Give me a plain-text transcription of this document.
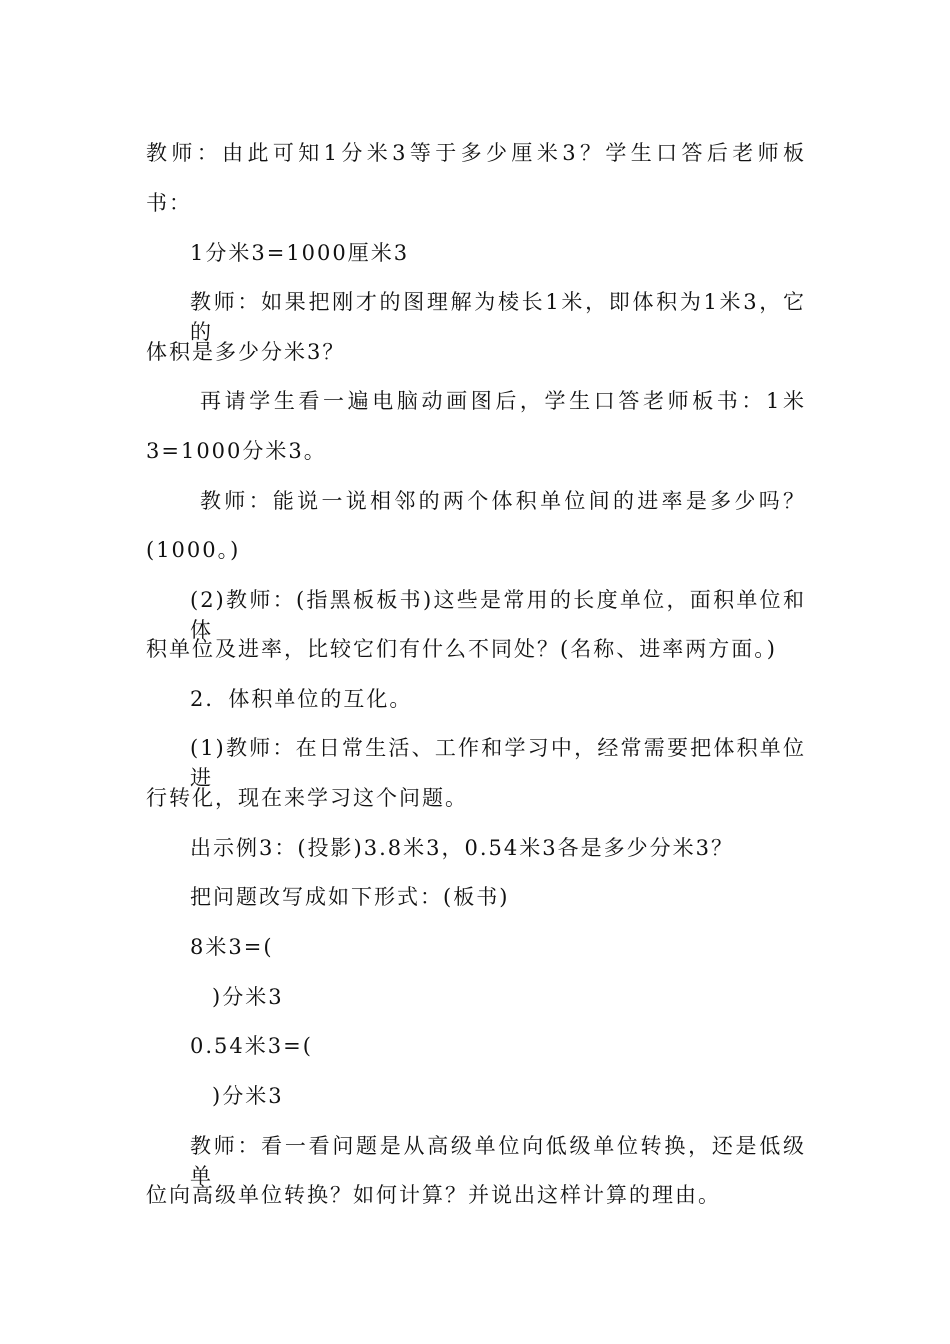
教师：由此可知1分米3等于多少厘米3？学生口答后老师板
书：
1分米3=1000厘米3
教师：如果把刚才的图理解为棱长1米，即体积为1米3，它的
体积是多少分米3？
再请学生看一遍电脑动画图后，学生口答老师板书：1米
3=1000分米3。
教师：能说一说相邻的两个体积单位间的进率是多少吗？
(1000。)
(2)教师：(指黑板板书)这些是常用的长度单位，面积单位和体
积单位及进率，比较它们有什么不同处？(名称、进率两方面。)
2．体积单位的互化。
(1)教师：在日常生活、工作和学习中，经常需要把体积单位进
行转化，现在来学习这个问题。
出示例3：(投影)3.8米3，0.54米3各是多少分米3？
把问题改写成如下形式：(板书)
8米3=(
)分米3
0.54米3=(
)分米3
教师：看一看问题是从高级单位向低级单位转换，还是低级单
位向高级单位转换？如何计算？并说出这样计算的理由。
